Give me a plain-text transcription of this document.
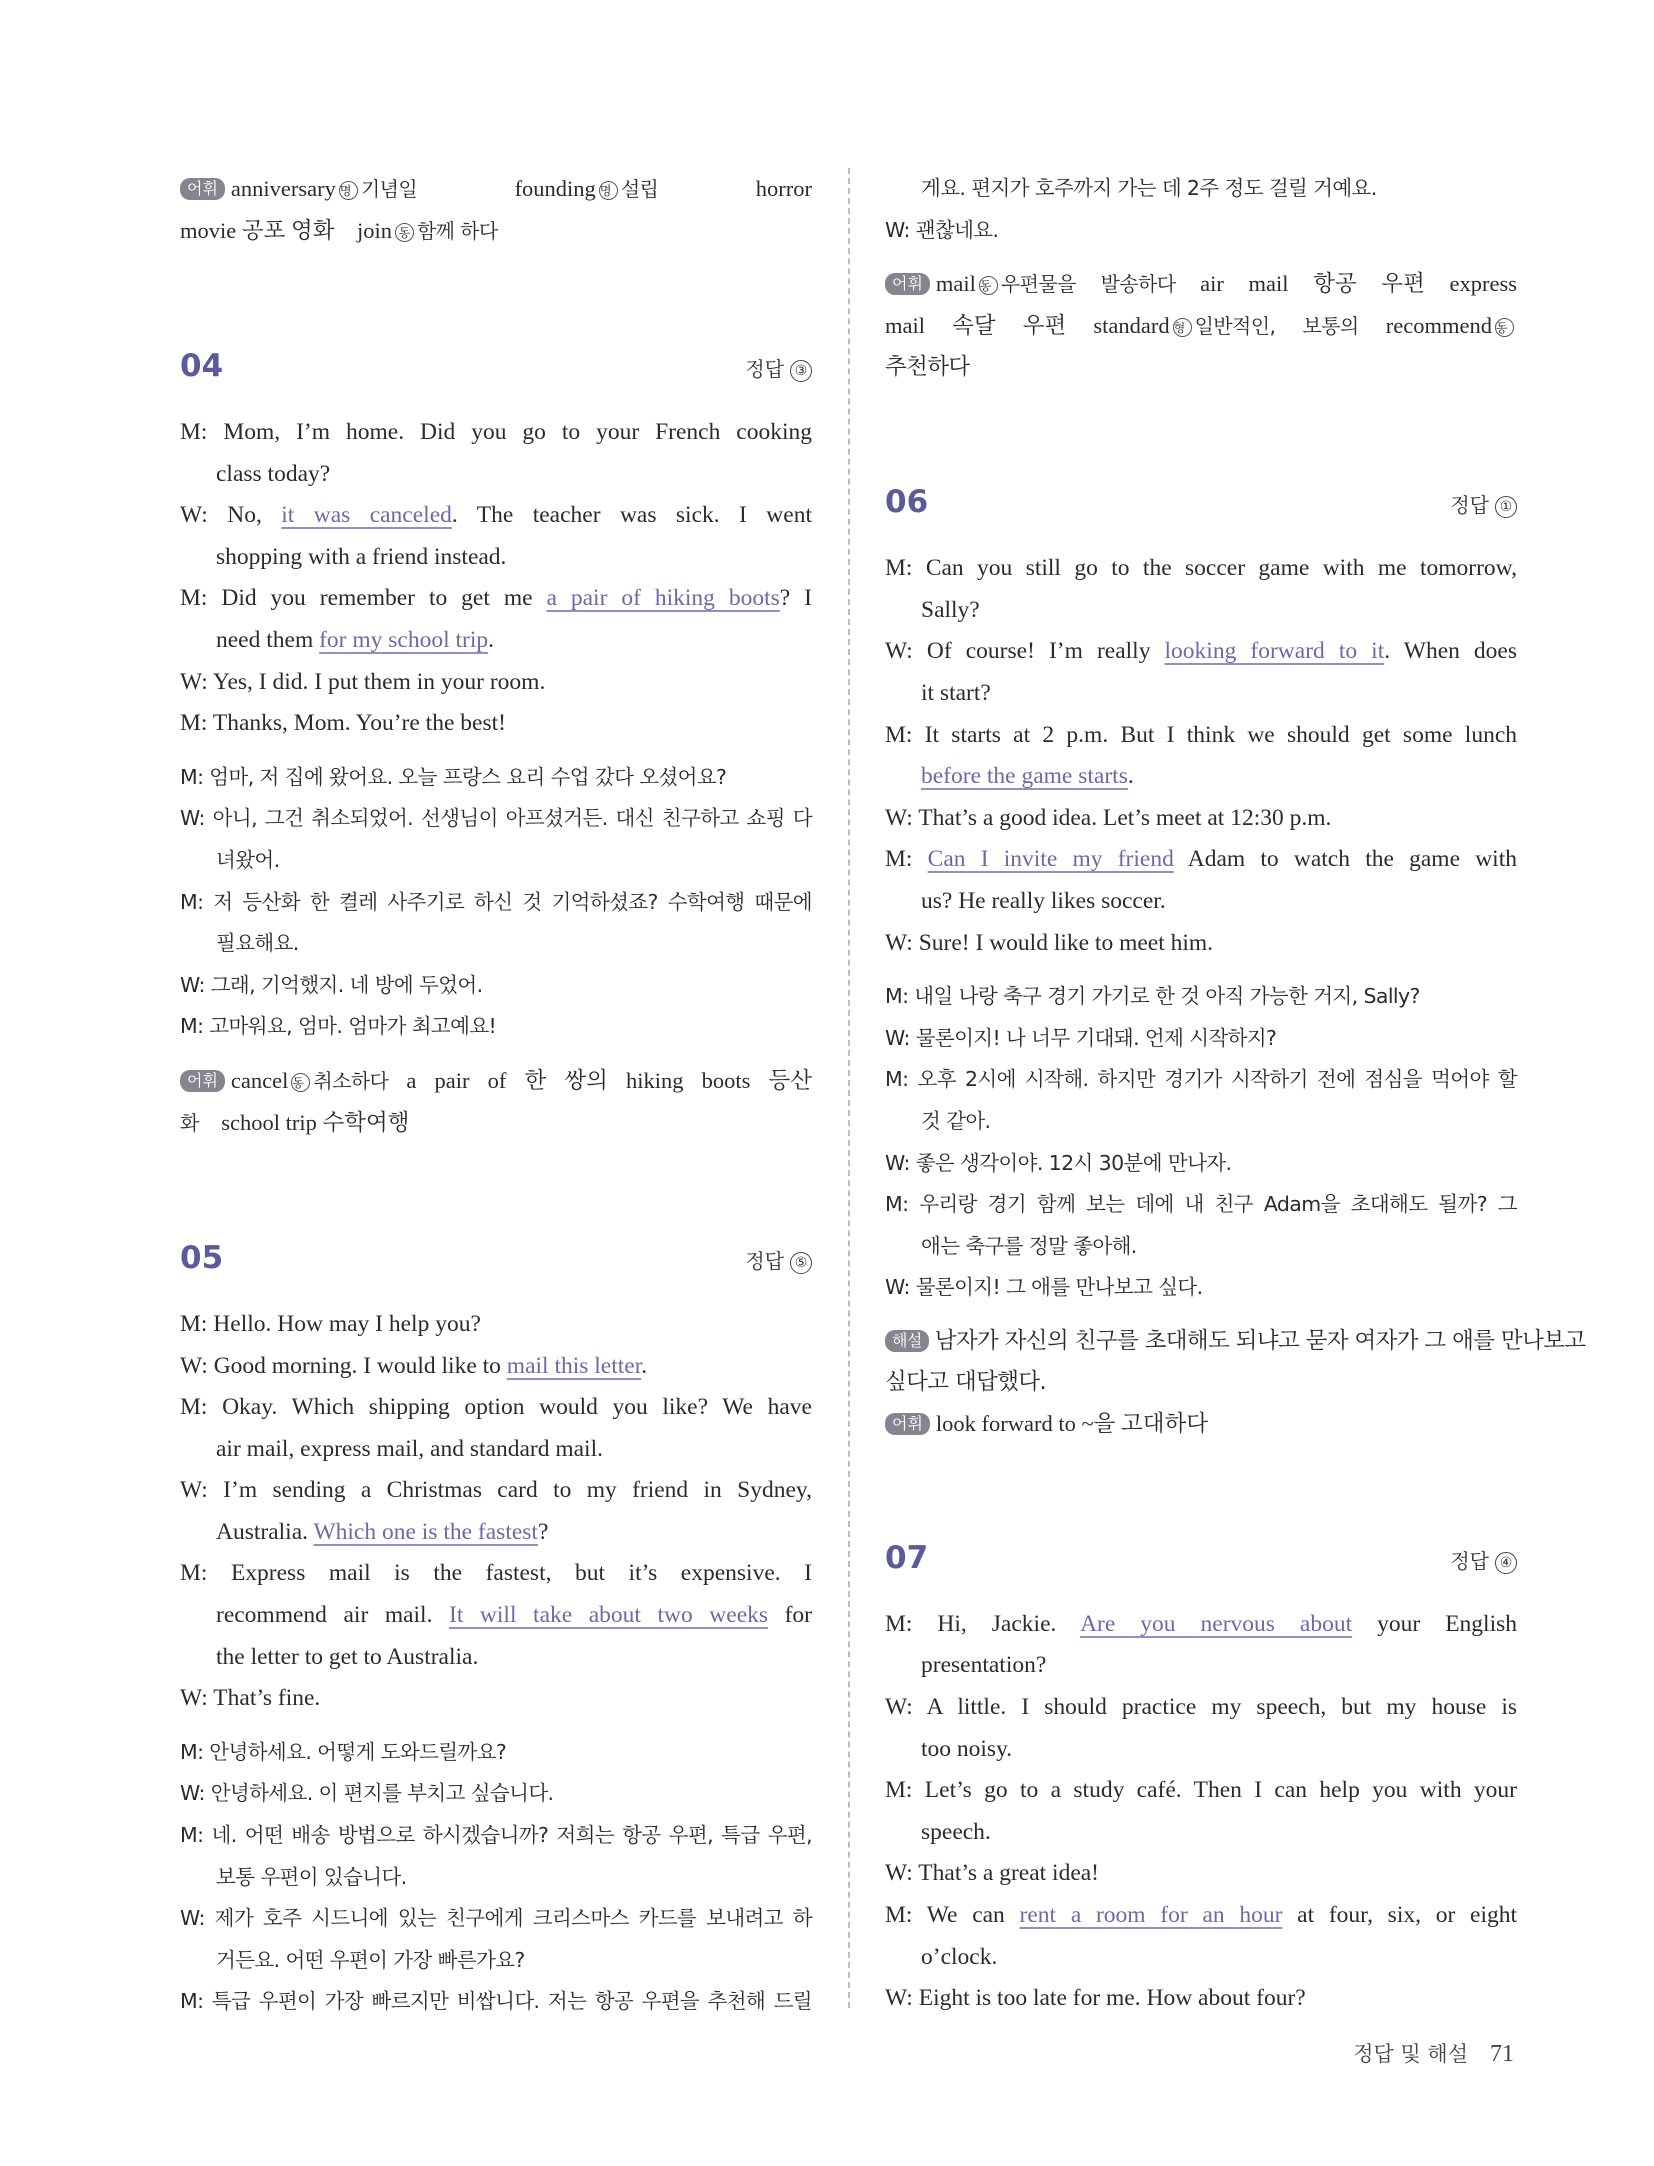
어휘 anniversary 명 기념일	founding 명 설립	horror
movie 공포 영화 join 동 함께 하다
04	정답 ③
M: Mom, I’m home. Did you go to your French cooking
class today?
W: No, it was canceled. The teacher was sick. I went
shopping with a friend instead.
M: Did you remember to get me a pair of hiking boots? I
need them for my school trip.
W: Yes, I did. I put them in your room.
M: Thanks, Mom. You’re the best!
M: 엄마, 저 집에 왔어요. 오늘 프랑스 요리 수업 갔다 오셨어요?
W: 아니, 그건 취소되었어. 선생님이 아프셨거든. 대신 친구하고 쇼핑 다
녀왔어.
M: 저 등산화 한 켤레 사주기로 하신 것 기억하셨죠? 수학여행 때문에
필요해요.
W: 그래, 기억했지. 네 방에 두었어.
M: 고마워요, 엄마. 엄마가 최고예요!
어휘 cancel 동 취소하다 a pair of 한 쌍의 hiking boots 등산
화 school trip 수학여행
05	정답 ⑤
M: Hello. How may I help you?
W: Good morning. I would like to mail this letter.
M: Okay. Which shipping option would you like? We have
air mail, express mail, and standard mail.
W: I’m sending a Christmas card to my friend in Sydney,
Australia. Which one is the fastest?
M: Express mail is the fastest, but it’s expensive. I
recommend air mail. It will take about two weeks for
the letter to get to Australia.
W: That’s fine.
M: 안녕하세요. 어떻게 도와드릴까요?
W: 안녕하세요. 이 편지를 부치고 싶습니다.
M: 네. 어떤 배송 방법으로 하시겠습니까? 저희는 항공 우편, 특급 우편,
보통 우편이 있습니다.
W: 제가 호주 시드니에 있는 친구에게 크리스마스 카드를 보내려고 하
거든요. 어떤 우편이 가장 빠른가요?
M: 특급 우편이 가장 빠르지만 비쌉니다. 저는 항공 우편을 추천해 드릴
게요. 편지가 호주까지 가는 데 2주 정도 걸릴 거예요.
W: 괜찮네요.
어휘 mail 동 우편물을 발송하다 air mail 항공 우편 express
mail 속달 우편 standard 형 일반적인, 보통의 recommend 동
추천하다
06	정답 ①
M: Can you still go to the soccer game with me tomorrow,
Sally?
W: Of course! I’m really looking forward to it. When does
it start?
M: It starts at 2 p.m. But I think we should get some lunch
before the game starts.
W: That’s a good idea. Let’s meet at 12:30 p.m.
M: Can I invite my friend Adam to watch the game with
us? He really likes soccer.
W: Sure! I would like to meet him.
M: 내일 나랑 축구 경기 가기로 한 것 아직 가능한 거지, Sally?
W: 물론이지! 나 너무 기대돼. 언제 시작하지?
M: 오후 2시에 시작해. 하지만 경기가 시작하기 전에 점심을 먹어야 할
것 같아.
W: 좋은 생각이야. 12시 30분에 만나자.
M: 우리랑 경기 함께 보는 데에 내 친구 Adam을 초대해도 될까? 그
애는 축구를 정말 좋아해.
W: 물론이지! 그 애를 만나보고 싶다.
해설 남자가 자신의 친구를 초대해도 되냐고 묻자 여자가 그 애를 만나보고
싶다고 대답했다.
어휘 look forward to ~을 고대하다
07	정답 ④
M: Hi, Jackie. Are you nervous about your English
presentation?
W: A little. I should practice my speech, but my house is
too noisy.
M: Let’s go to a study café. Then I can help you with your
speech.
W: That’s a great idea!
M: We can rent a room for an hour at four, six, or eight
o’clock.
W: Eight is too late for me. How about four?
정답 및 해설 71
